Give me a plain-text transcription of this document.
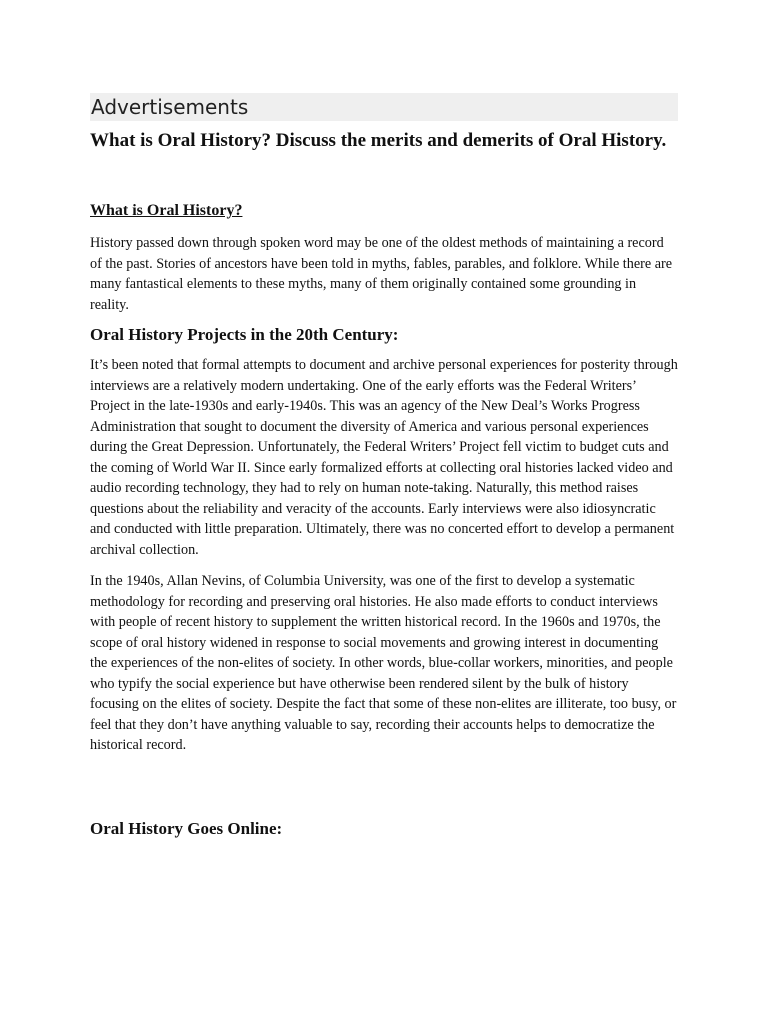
Advertisements
What is Oral History? Discuss the merits and demerits of Oral History.
What is Oral History?

History passed down through spoken word may be one of the oldest methods of maintaining a record of the past. Stories of ancestors have been told in myths, fables, parables, and folklore. While there are many fantastical elements to these myths, many of them originally contained some grounding in reality.

Oral History Projects in the 20th Century:

It’s been noted that formal attempts to document and archive personal experiences for posterity through interviews are a relatively modern undertaking. One of the early efforts was the Federal Writers’ Project in the late-1930s and early-1940s. This was an agency of the New Deal’s Works Progress Administration that sought to document the diversity of America and various personal experiences during the Great Depression. Unfortunately, the Federal Writers’ Project fell victim to budget cuts and the coming of World War II. Since early formalized efforts at collecting oral histories lacked video and audio recording technology, they had to rely on human note-taking. Naturally, this method raises questions about the reliability and veracity of the accounts. Early interviews were also idiosyncratic and conducted with little preparation. Ultimately, there was no concerted effort to develop a permanent archival collection.

In the 1940s, Allan Nevins, of Columbia University, was one of the first to develop a systematic methodology for recording and preserving oral histories. He also made efforts to conduct interviews with people of recent history to supplement the written historical record. In the 1960s and 1970s, the scope of oral history widened in response to social movements and growing interest in documenting the experiences of the non-elites of society. In other words, blue-collar workers, minorities, and people who typify the social experience but have otherwise been rendered silent by the bulk of history focusing on the elites of society. Despite the fact that some of these non-elites are illiterate, too busy, or feel that they don’t have anything valuable to say, recording their accounts helps to democratize the historical record.

Oral History Goes Online:
